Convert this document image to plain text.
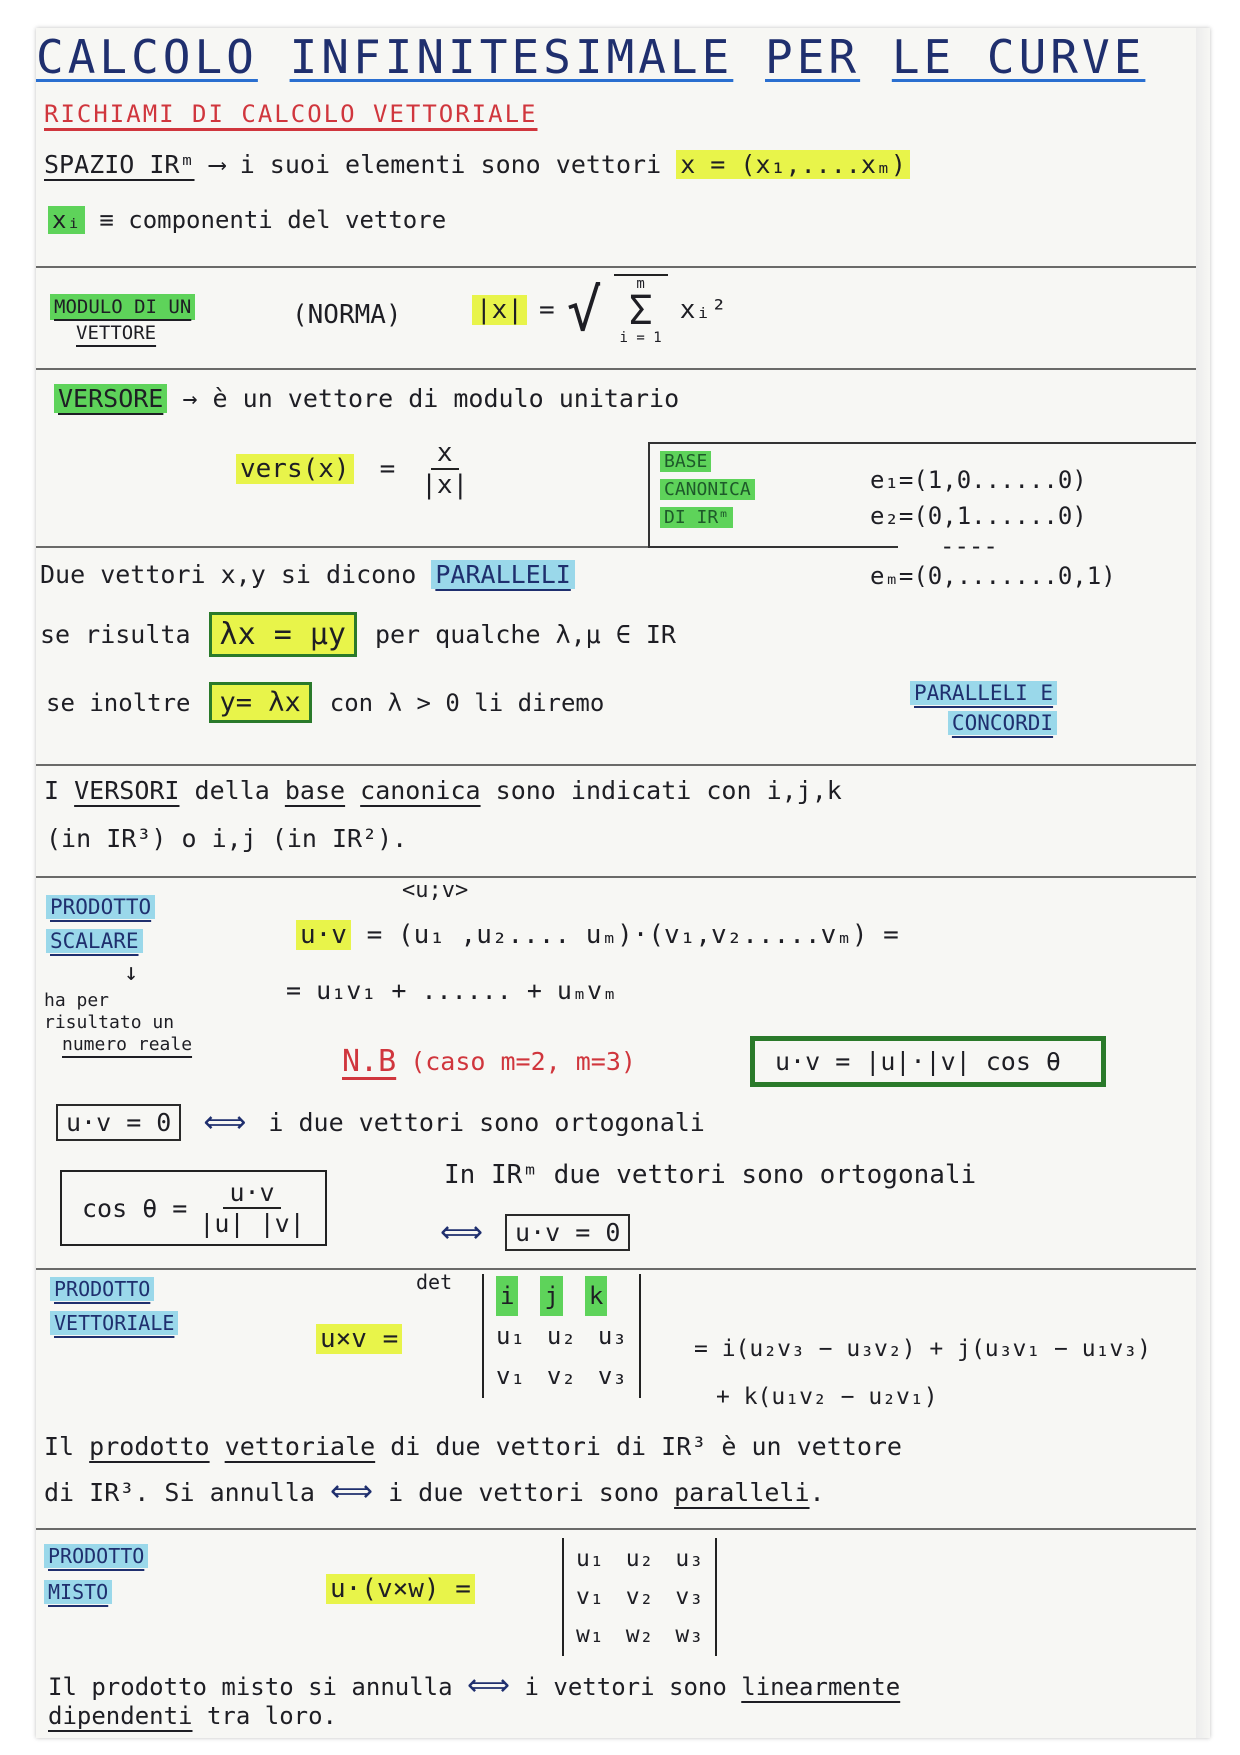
CALCOLO INFINITESIMALE PER LE CURVE
RICHIAMI DI CALCOLO VETTORIALE
SPAZIO IRᵐ ⟶ i suoi elementi sono vettori x = (x₁,....xₘ)
xᵢ ≡ componenti del vettore
MODULO DI UN
VETTORE
(NORMA)	|x| = √ m
Σ
i = 1
xᵢ²
VERSORE → è un vettore di modulo unitario
vers(x) = $\frac{x}{|x|}$	BASE
CANONICA
DI IRᵐ
e₁=(1,0......0)
e₂=(0,1......0)
----
eₘ=(0,.......0,1)
Due vettori x,y si dicono PARALLELI
se risulta λx = μy	per qualche λ,μ ∈ IR
se inoltre	y= λx	con λ > 0 li diremo	PARALLELI E
CONCORDI
I VERSORI della base canonica sono indicati con i,j,k
(in IR³) o i,j (in IR²).
PRODOTTO
SCALARE
<u;v>
u·v = (u₁ ,u₂.... uₘ)·(v₁,v₂.....vₘ) =
= u₁v₁ + ...... + uₘvₘ
↓
ha per
risultato un
numero reale	N.B (caso m=2, m=3)	u·v = |u|·|v| cos θ
u·v = 0	⟺ i due vettori sono ortogonali
$\cos \theta = \frac{u\cdot v}{|u| |v|}$
In IRᵐ due vettori sono ortogonali
⟺	u·v = 0
PRODOTTO
VETTORIALE
det
u×v =
i j k
u₁ u₂ u₃
v₁ v₂ v₃
= i(u₂v₃ − u₃v₂) + j(u₃v₁ − u₁v₃)
+ k(u₁v₂ − u₂v₁)
Il prodotto vettoriale di due vettori di IR³ è un vettore
di IR³. Si annulla ⟺ i due vettori sono paralleli.
PRODOTTO
MISTO	u·(v×w) =
u₁ u₂ u₃
v₁ v₂ v₃
w₁ w₂ w₃
Il prodotto misto si annulla ⟺ i vettori sono linearmente
dipendenti tra loro.
